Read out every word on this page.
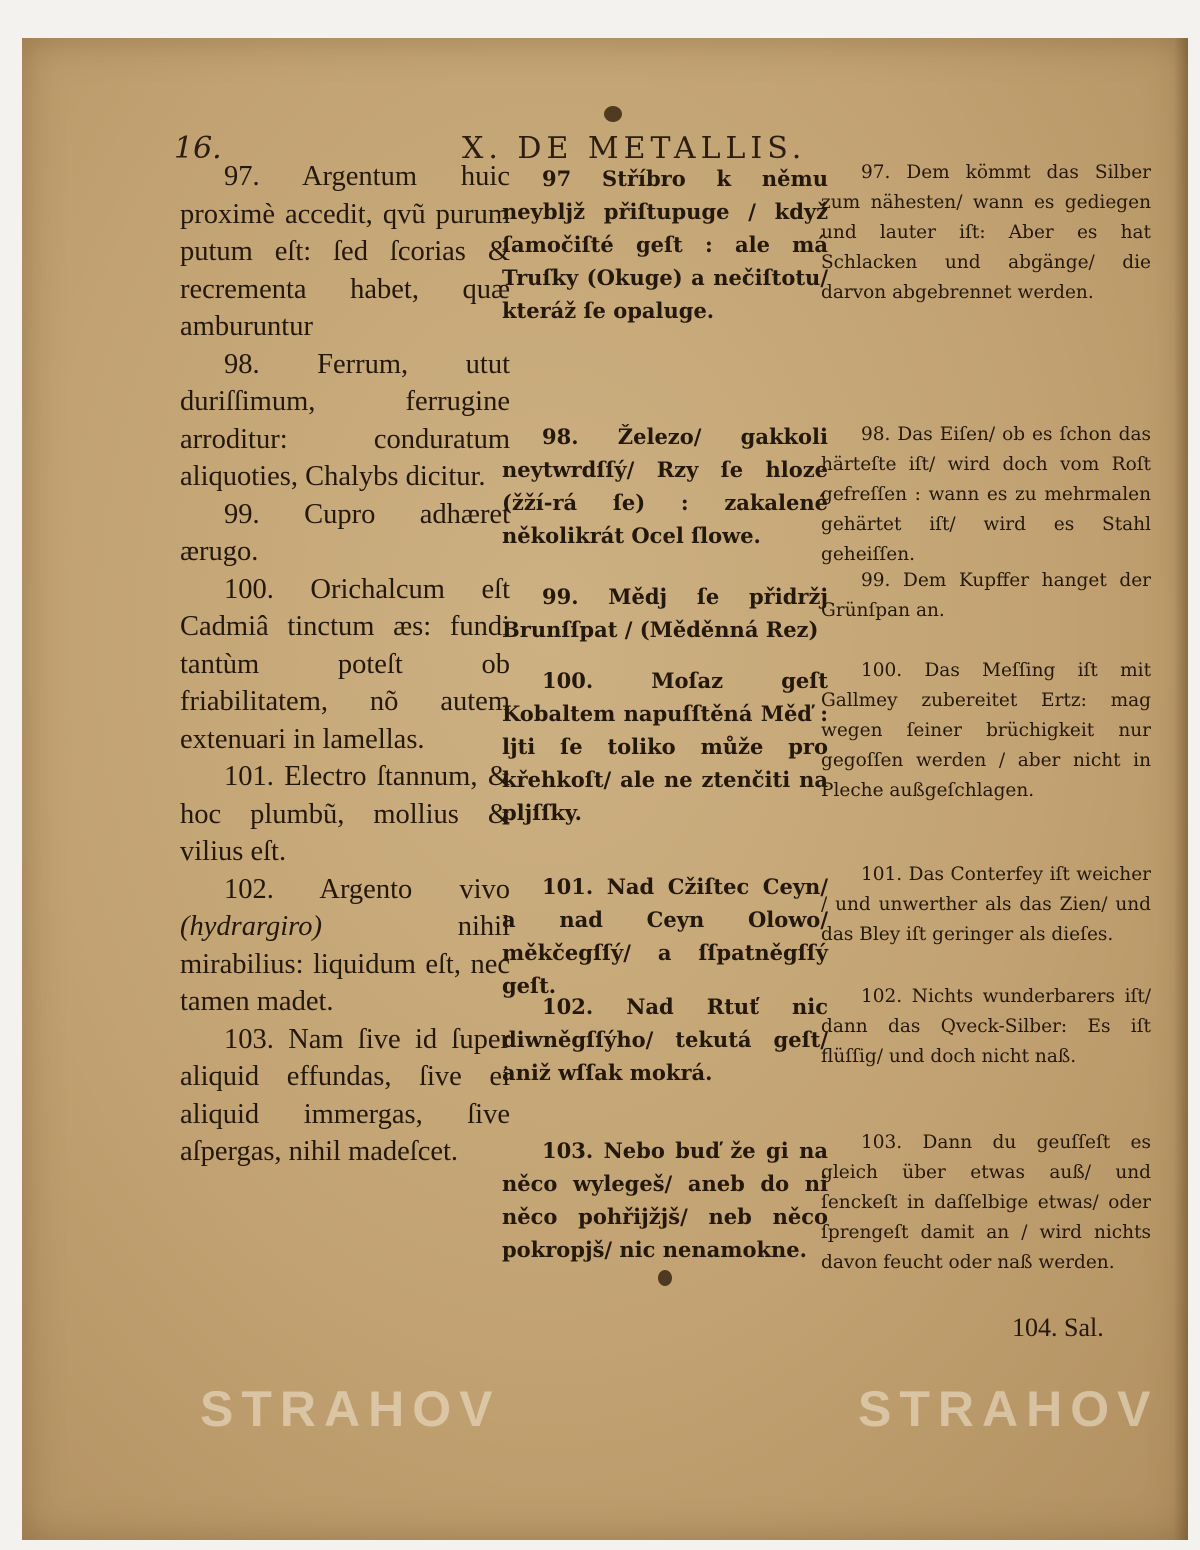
16.	X. DE METALLIS.

97. Argentum huic proximè accedit, qvũ purum putum eſt: ſed ſcorias & recrementa habet, quæ amburuntur

98. Ferrum, utut duriſſimum, ferrugine arroditur: conduratum aliquoties, Chalybs dicitur.

99. Cupro adhæret ærugo.

100. Orichalcum eſt Cadmiâ tinctum æs: fundi tantùm poteſt ob friabilitatem, nõ autem extenuari in lamellas.

101. Electro ſtannum, & hoc plumbũ, mollius & vilius eſt.

102. Argento vivo (hydrargiro)	nihil mirabilius: liquidum eſt, nec tamen madet.

103. Nam ſive id ſuper aliquid effundas, ſive ei aliquid immergas, ſive aſpergas, nihil madeſcet.

97 Stříbro k němu neybljž přiſtupuge / když ſamočiſté geſt : ale má Truſky (Okuge) a nečiſtotu/ kteráž ſe opaluge.

98. Železo/ gakkoli neytwrdſſý/ Rzy ſe hloze (žží-rá ſe) : zakalené několikrát Ocel ſlowe.

99. Mědj ſe přidržj Brunſſpat / (Měděnná Rez)

100. Moſaz geſt Kobaltem napuſſtěná Měď : ljti ſe toliko může pro křehkoſt/ ale ne ztenčiti na pljſſky.

101. Nad Cžiſtec Ceyn/ a nad Ceyn Olowo/ měkčegſſý/ a ſſpatněgſſý geſt.

102. Nad Rtuť nic diwněgſſýho/ tekutá geſt/ aniž wſſak mokrá.

103. Nebo buď že gi na něco wylegeš/ aneb do ni něco pohřijžjš/ neb něco pokropjš/ nic nenamokne.

97. Dem kömmt das Silber zum nähesten/ wann es gediegen und lauter iſt: Aber es hat Schlacken und abgänge/ die darvon abgebrennet werden.

98. Das Eiſen/ ob es ſchon das härteſte iſt/ wird doch vom Roſt gefreſſen : wann es zu mehrmalen gehärtet iſt/ wird es Stahl geheiſſen.

99. Dem Kupffer hanget der Grünſpan an.

100. Das Meſſing iſt mit Gallmey zubereitet Ertz: mag wegen ſeiner brüchigkeit nur gegoſſen werden / aber nicht in Pleche außgeſchlagen.

101. Das Conterfey iſt weicher / und unwerther als das Zien/ und das Bley iſt geringer als dieſes.

102. Nichts wunderbarers iſt/ dann das Qveck-Silber: Es iſt flüſſig/ und doch nicht naß.

103. Dann du geuſſeſt es gleich über etwas auß/ und ſenckeſt in daſſelbige etwas/ oder ſprengeſt damit an / wird nichts davon feucht oder naß werden.

104. Sal.
STRAHOV	STRAHOV
